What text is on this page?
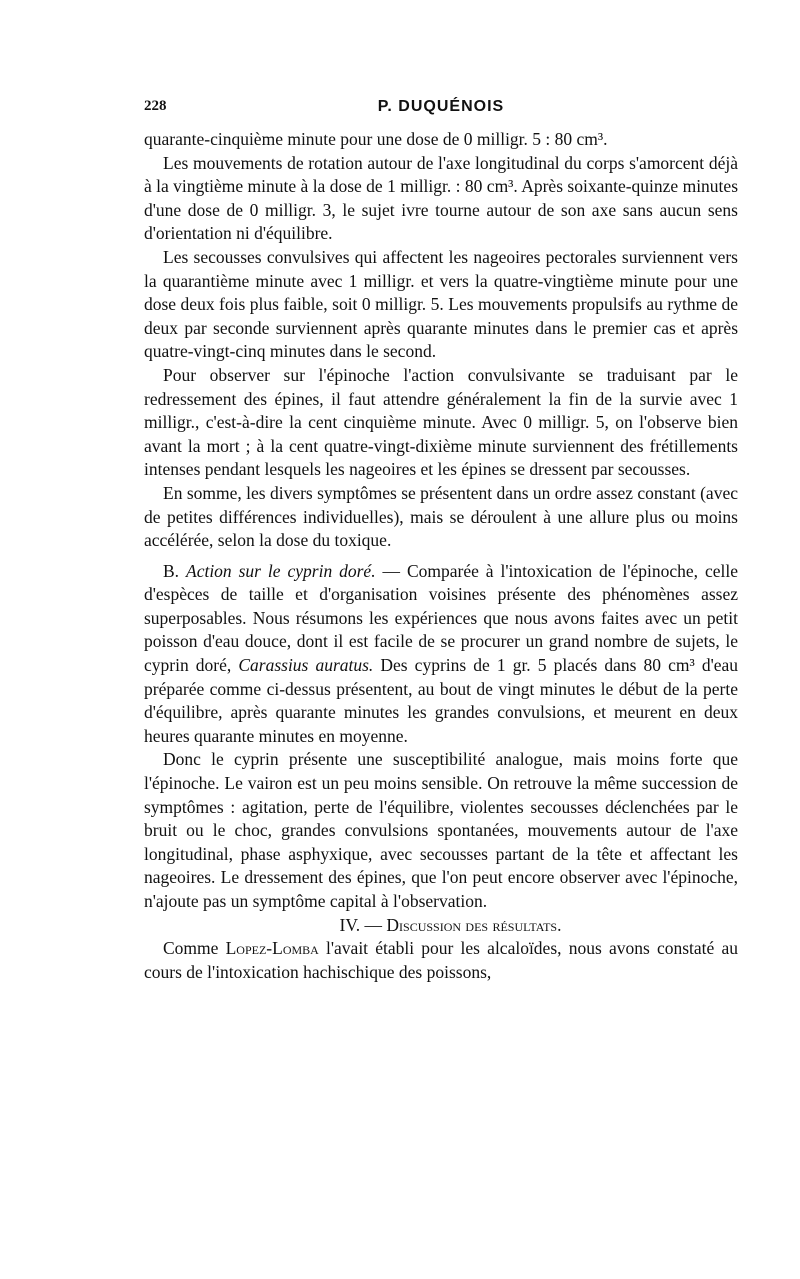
228	P. DUQUÉNOIS

quarante-cinquième minute pour une dose de 0 milligr. 5 : 80 cm³.

Les mouvements de rotation autour de l'axe longitudinal du corps s'amorcent déjà à la vingtième minute à la dose de 1 milligr. : 80 cm³. Après soixante-quinze minutes d'une dose de 0 milligr. 3, le sujet ivre tourne autour de son axe sans aucun sens d'orientation ni d'équilibre.

Les secousses convulsives qui affectent les nageoires pectorales surviennent vers la quarantième minute avec 1 milligr. et vers la quatre-vingtième minute pour une dose deux fois plus faible, soit 0 milligr. 5. Les mouvements propulsifs au rythme de deux par seconde surviennent après quarante minutes dans le premier cas et après quatre-vingt-cinq minutes dans le second.

Pour observer sur l'épinoche l'action convulsivante se traduisant par le redressement des épines, il faut attendre généralement la fin de la survie avec 1 milligr., c'est-à-dire la cent cinquième minute. Avec 0 milligr. 5, on l'observe bien avant la mort ; à la cent quatre-vingt-dixième minute surviennent des frétillements intenses pendant lesquels les nageoires et les épines se dressent par secousses.

En somme, les divers symptômes se présentent dans un ordre assez constant (avec de petites différences individuelles), mais se déroulent à une allure plus ou moins accélérée, selon la dose du toxique.

B. Action sur le cyprin doré. — Comparée à l'intoxication de l'épinoche, celle d'espèces de taille et d'organisation voisines présente des phénomènes assez superposables. Nous résumons les expériences que nous avons faites avec un petit poisson d'eau douce, dont il est facile de se procurer un grand nombre de sujets, le cyprin doré, Carassius auratus. Des cyprins de 1 gr. 5 placés dans 80 cm³ d'eau préparée comme ci-dessus présentent, au bout de vingt minutes le début de la perte d'équilibre, après quarante minutes les grandes convulsions, et meurent en deux heures quarante minutes en moyenne.

Donc le cyprin présente une susceptibilité analogue, mais moins forte que l'épinoche. Le vairon est un peu moins sensible. On retrouve la même succession de symptômes : agitation, perte de l'équilibre, violentes secousses déclenchées par le bruit ou le choc, grandes convulsions spontanées, mouvements autour de l'axe longitudinal, phase asphyxique, avec secousses partant de la tête et affectant les nageoires. Le dressement des épines, que l'on peut encore observer avec l'épinoche, n'ajoute pas un symptôme capital à l'observation.

IV. — Discussion des résultats.

Comme Lopez-Lomba l'avait établi pour les alcaloïdes, nous avons constaté au cours de l'intoxication hachischique des poissons,
